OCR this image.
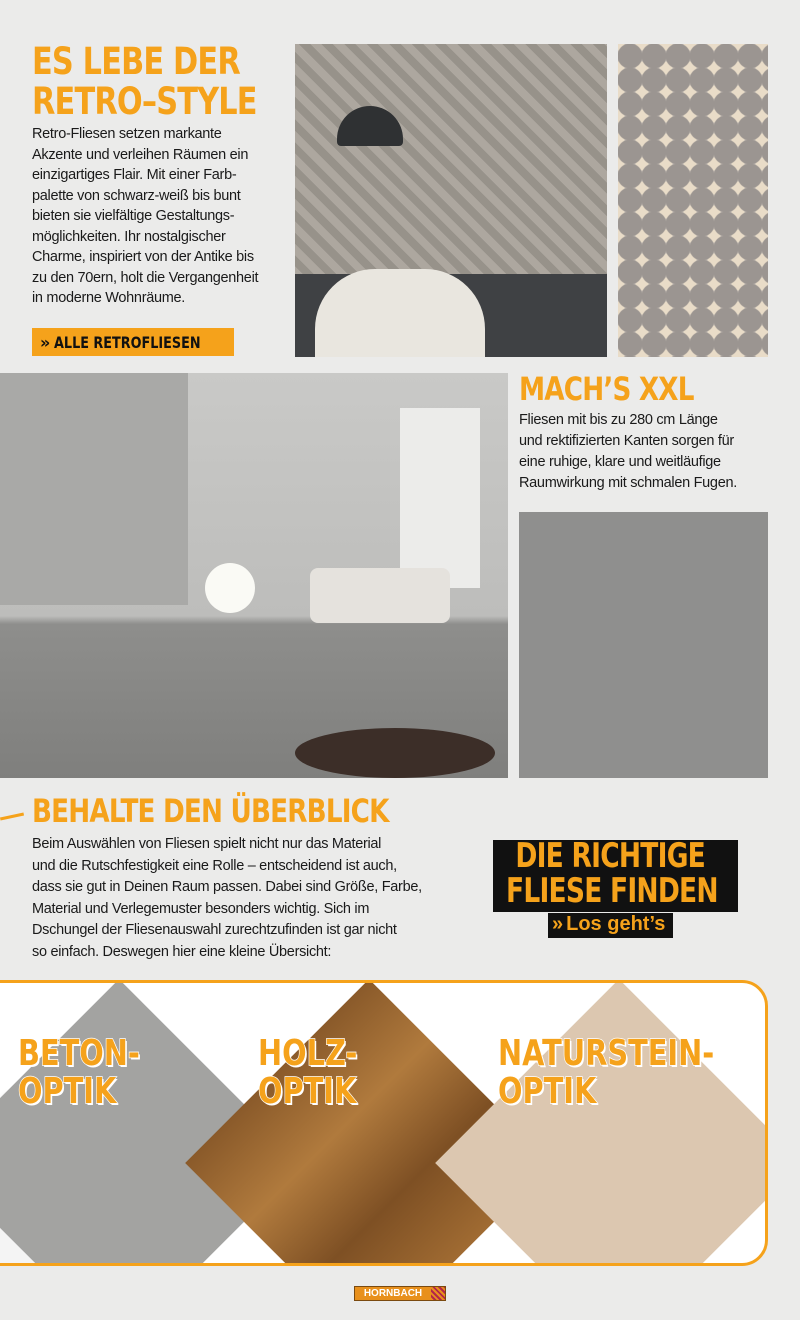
ES LEBE DER
RETRO–STYLE
Retro-Fliesen setzen markante
Akzente und verleihen Räumen ein
einzigartiges Flair. Mit einer Farb-
palette von schwarz-weiß bis bunt
bieten sie vielfältige Gestaltungs-
möglichkeiten. Ihr nostalgischer
Charme, inspiriert von der Antike bis
zu den 70ern, holt die Vergangenheit
in moderne Wohnräume.
» ALLE RETROFLIESEN
MACH’S XXL
Fliesen mit bis zu 280 cm Länge
und rektifizierten Kanten sorgen für
eine ruhige, klare und weitläufige
Raumwirkung mit schmalen Fugen.
BEHALTE DEN ÜBERBLICK
Beim Auswählen von Fliesen spielt nicht nur das Material
und die Rutschfestigkeit eine Rolle – entscheidend ist auch,
dass sie gut in Deinen Raum passen. Dabei sind Größe, Farbe,
Material und Verlegemuster besonders wichtig. Sich im
Dschungel der Fliesenauswahl zurechtzufinden ist gar nicht
so einfach. Deswegen hier eine kleine Übersicht:
DIE RICHTIGE
FLIESE FINDEN
» Los geht’s
BETON-
OPTIK
HOLZ-
OPTIK
NATURSTEIN-
OPTIK
HORNBACH
